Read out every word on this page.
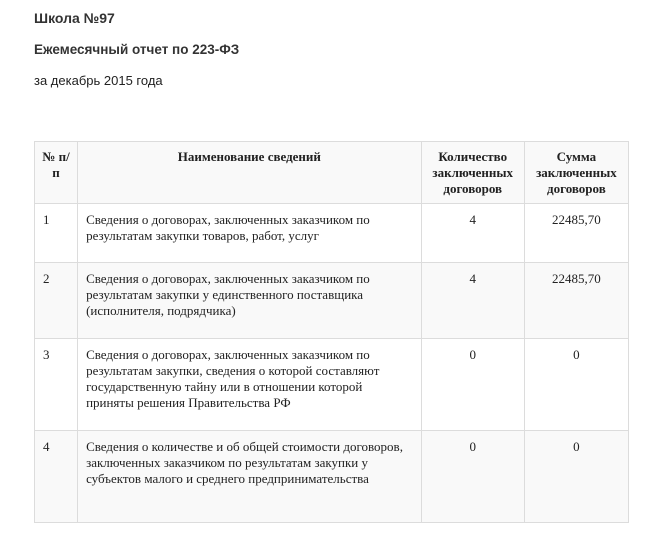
Школа №97
Ежемесячный отчет по 223-ФЗ
за декабрь 2015 года
№ п/п	Наименование сведений	Количество заключенных договоров	Сумма заключенных договоров
1	Сведения о договорах, заключенных заказчиком по результатам закупки товаров, работ, услуг	4	22485,70
2	Сведения о договорах, заключенных заказчиком по результатам закупки у единственного поставщика (исполнителя, подрядчика)	4	22485,70
3	Сведения о договорах, заключенных заказчиком по результатам закупки, сведения о которой составляют государственную тайну или в отношении которой приняты решения Правительства РФ	0	0
4	Сведения о количестве и об общей стоимости договоров, заключенных заказчиком по результатам закупки у субъектов малого и среднего предпринимательства	0	0
